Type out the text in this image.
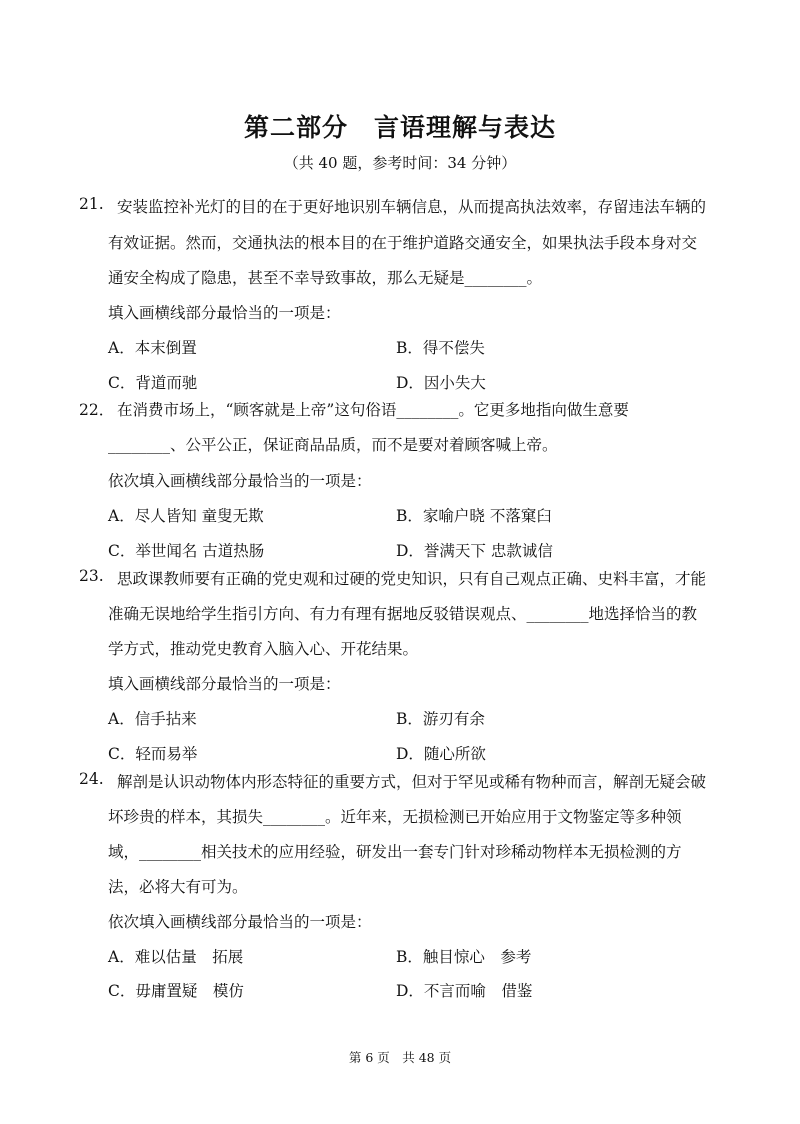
第二部分　言语理解与表达
（共 40 题，参考时间：34 分钟）
21. 安装监控补光灯的目的在于更好地识别车辆信息，从而提高执法效率，存留违法车辆的
有效证据。然而，交通执法的根本目的在于维护道路交通安全，如果执法手段本身对交
通安全构成了隐患，甚至不幸导致事故，那么无疑是________。
填入画横线部分最恰当的一项是：
A．本末倒置	B．得不偿失
C．背道而驰	D．因小失大
22． 在消费市场上，“顾客就是上帝”这句俗语________。它更多地指向做生意要
________、公平公正，保证商品品质，而不是要对着顾客喊上帝。
依次填入画横线部分最恰当的一项是：
A．尽人皆知 童叟无欺	B．家喻户晓 不落窠臼
C．举世闻名 古道热肠	D．誉满天下 忠款诚信
23. 思政课教师要有正确的党史观和过硬的党史知识，只有自己观点正确、史料丰富，才能
准确无误地给学生指引方向、有力有理有据地反驳错误观点、________地选择恰当的教
学方式，推动党史教育入脑入心、开花结果。
填入画横线部分最恰当的一项是：
A．信手拈来	B．游刃有余
C．轻而易举	D．随心所欲
24. 解剖是认识动物体内形态特征的重要方式，但对于罕见或稀有物种而言，解剖无疑会破
坏珍贵的样本，其损失________。近年来，无损检测已开始应用于文物鉴定等多种领
域，________相关技术的应用经验，研发出一套专门针对珍稀动物样本无损检测的方
法，必将大有可为。
依次填入画横线部分最恰当的一项是：
A．难以估量　拓展	B．触目惊心　参考
C．毋庸置疑　模仿	D．不言而喻　借鉴
第 6 页　共 48 页
